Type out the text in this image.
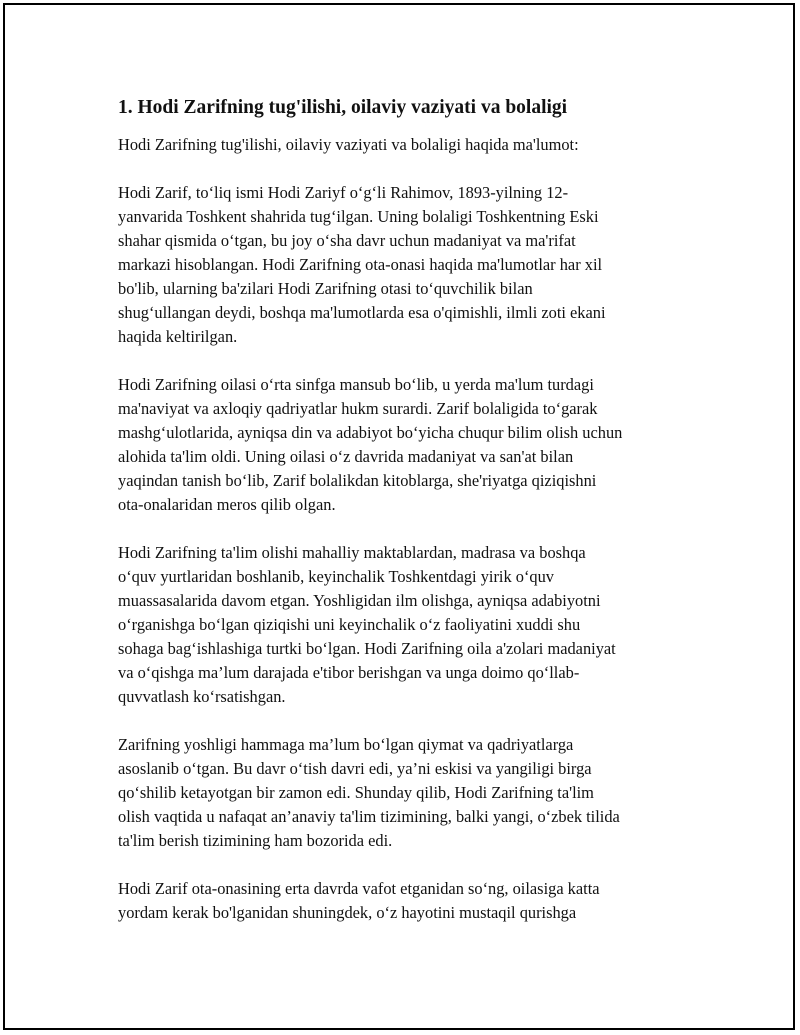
1. Hodi Zarifning tug'ilishi, oilaviy vaziyati va bolaligi

Hodi Zarifning tug'ilishi, oilaviy vaziyati va bolaligi haqida ma'lumot:

Hodi Zarif, to‘liq ismi Hodi Zariyf o‘g‘li Rahimov, 1893-yilning 12-
yanvarida Toshkent shahrida tug‘ilgan. Uning bolaligi Toshkentning Eski
shahar qismida o‘tgan, bu joy o‘sha davr uchun madaniyat va ma'rifat
markazi hisoblangan. Hodi Zarifning ota-onasi haqida ma'lumotlar har xil
bo'lib, ularning ba'zilari Hodi Zarifning otasi to‘quvchilik bilan
shug‘ullangan deydi, boshqa ma'lumotlarda esa o'qimishli, ilmli zoti ekani
haqida keltirilgan.

Hodi Zarifning oilasi o‘rta sinfga mansub bo‘lib, u yerda ma'lum turdagi
ma'naviyat va axloqiy qadriyatlar hukm surardi. Zarif bolaligida to‘garak
mashg‘ulotlarida, ayniqsa din va adabiyot bo‘yicha chuqur bilim olish uchun
alohida ta'lim oldi. Uning oilasi o‘z davrida madaniyat va san'at bilan
yaqindan tanish bo‘lib, Zarif bolalikdan kitoblarga, she'riyatga qiziqishni
ota-onalaridan meros qilib olgan.

Hodi Zarifning ta'lim olishi mahalliy maktablardan, madrasa va boshqa
o‘quv yurtlaridan boshlanib, keyinchalik Toshkentdagi yirik o‘quv
muassasalarida davom etgan. Yoshligidan ilm olishga, ayniqsa adabiyotni
o‘rganishga bo‘lgan qiziqishi uni keyinchalik o‘z faoliyatini xuddi shu
sohaga bag‘ishlashiga turtki bo‘lgan. Hodi Zarifning oila a'zolari madaniyat
va o‘qishga ma’lum darajada e'tibor berishgan va unga doimo qo‘llab-
quvvatlash ko‘rsatishgan.

Zarifning yoshligi hammaga ma’lum bo‘lgan qiymat va qadriyatlarga
asoslanib o‘tgan. Bu davr o‘tish davri edi, ya’ni eskisi va yangiligi birga
qo‘shilib ketayotgan bir zamon edi. Shunday qilib, Hodi Zarifning ta'lim
olish vaqtida u nafaqat an’anaviy ta'lim tizimining, balki yangi, o‘zbek tilida
ta'lim berish tizimining ham bozorida edi.

Hodi Zarif ota-onasining erta davrda vafot etganidan so‘ng, oilasiga katta
yordam kerak bo'lganidan shuningdek, o‘z hayotini mustaqil qurishga
